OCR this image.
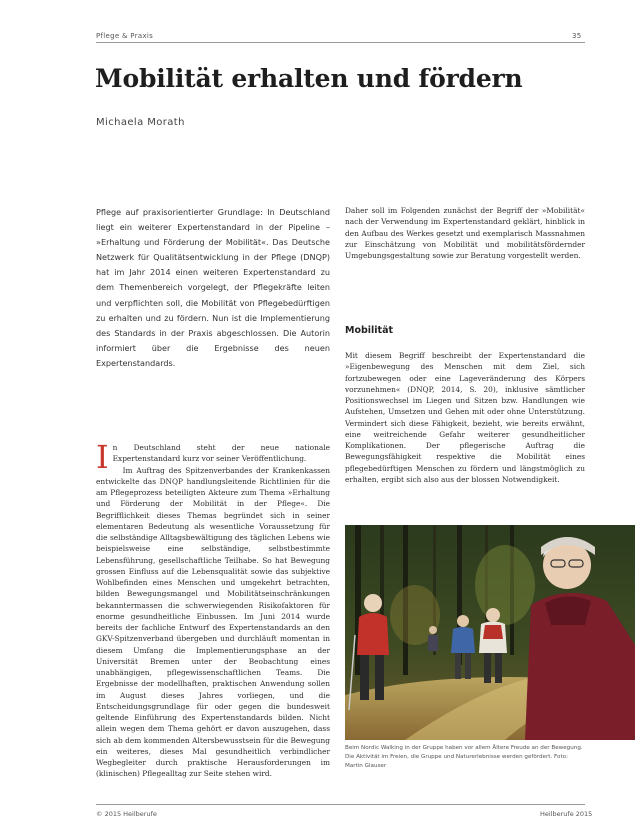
Pflege & Praxis	35
Mobilität erhalten und fördern
Michaela Morath

Pflege auf praxisorientierter Grundlage: In Deutschland liegt ein weiterer Expertenstandard in der Pipeline – »Erhaltung und Förderung der Mobilität«. Das Deutsche Netzwerk für Qualitätsentwicklung in der Pflege (DNQP) hat im Jahr 2014 einen weiteren Expertenstandard zu dem Themenbereich vorgelegt, der Pflegekräfte leiten und verpflichten soll, die Mobilität von Pflegebedürftigen zu erhalten und zu fördern. Nun ist die Implementierung des Standards in der Praxis abgeschlossen. Die Autorin informiert über die Ergebnisse des neuen Expertenstandards.

I n Deutschland steht der neue nationale Expertenstandard kurz vor seiner Veröffentlichung.

Im Auftrag des Spitzenverbandes der Krankenkassen entwickelte das DNQP handlungsleitende Richtlinien für die am Pflegeprozess beteiligten Akteure zum Thema »Erhaltung und Förderung der Mobilität in der Pflege«. Die Begrifflichkeit dieses Themas begründet sich in seiner elementaren Bedeutung als wesentliche Voraussetzung für die selbständige Alltagsbewältigung des täglichen Lebens wie beispielsweise eine selbständige, selbstbestimmte Lebensführung, gesellschaftliche Teilhabe. So hat Bewegung grossen Einfluss auf die Lebensqualität sowie das subjektive Wohlbefinden eines Menschen und umgekehrt betrachten, bilden Bewegungsmangel und Mobilitätseinschränkungen bekanntermassen die schwerwiegenden Risikofaktoren für enorme gesundheitliche Einbussen. Im Juni 2014 wurde bereits der fachliche Entwurf des Expertenstandards an den GKV-Spitzenverband übergeben und durchläuft momentan in diesem Umfang die Implementierungsphase an der Universität Bremen unter der Beobachtung eines unabhängigen, pflegewissenschaftlichen Teams. Die Ergebnisse der modellhaften, praktischen Anwendung sollen im August dieses Jahres vorliegen, und die Entscheidungsgrundlage für oder gegen die bundesweit geltende Einführung des Expertenstandards bilden. Nicht allein wegen dem Thema gehört er davon auszugehen, dass sich ab dem kommenden Altersbewusstsein für die Bewegung ein weiteres, dieses Mal gesundheitlich verbindlicher Wegbegleiter durch praktische Herausforderungen im (klinischen) Pflegealltag zur Seite stehen wird.

Daher soll im Folgenden zunächst der Begriff der »Mobilität« nach der Verwendung im Expertenstandard geklärt, hinblick in den Aufbau des Werkes gesetzt und exemplarisch Massnahmen zur Einschätzung von Mobilität und mobilitätsfördernder Umgebungsgestaltung sowie zur Beratung vorgestellt werden.

Mobilität

Mit diesem Begriff beschreibt der Expertenstandard die »Eigenbewegung des Menschen mit dem Ziel, sich fortzubewegen oder eine Lageveränderung des Körpers vorzunehmen« (DNQP, 2014, S. 20), inklusive sämtlicher Positionswechsel im Liegen und Sitzen bzw. Handlungen wie Aufstehen, Umsetzen und Gehen mit oder ohne Unterstützung. Vermindert sich diese Fähigkeit, bezieht, wie bereits erwähnt, eine weitreichende Gefahr weiterer gesundheitlicher Komplikationen. Der pflegerische Auftrag die Bewegungsfähigkeit respektive die Mobilität eines pflegebedürftigen Menschen zu fördern und längstmöglich zu erhalten, ergibt sich also aus der blossen Notwendigkeit.

Beim Nordic Walking in der Gruppe haben vor allem Ältere Freude an der Bewegung. Die Aktivität im Freien, die Gruppe und Naturerlebnisse werden gefördert. Foto: Martin Glauser

© 2015 Heilberufe	Heilberufe 2015
